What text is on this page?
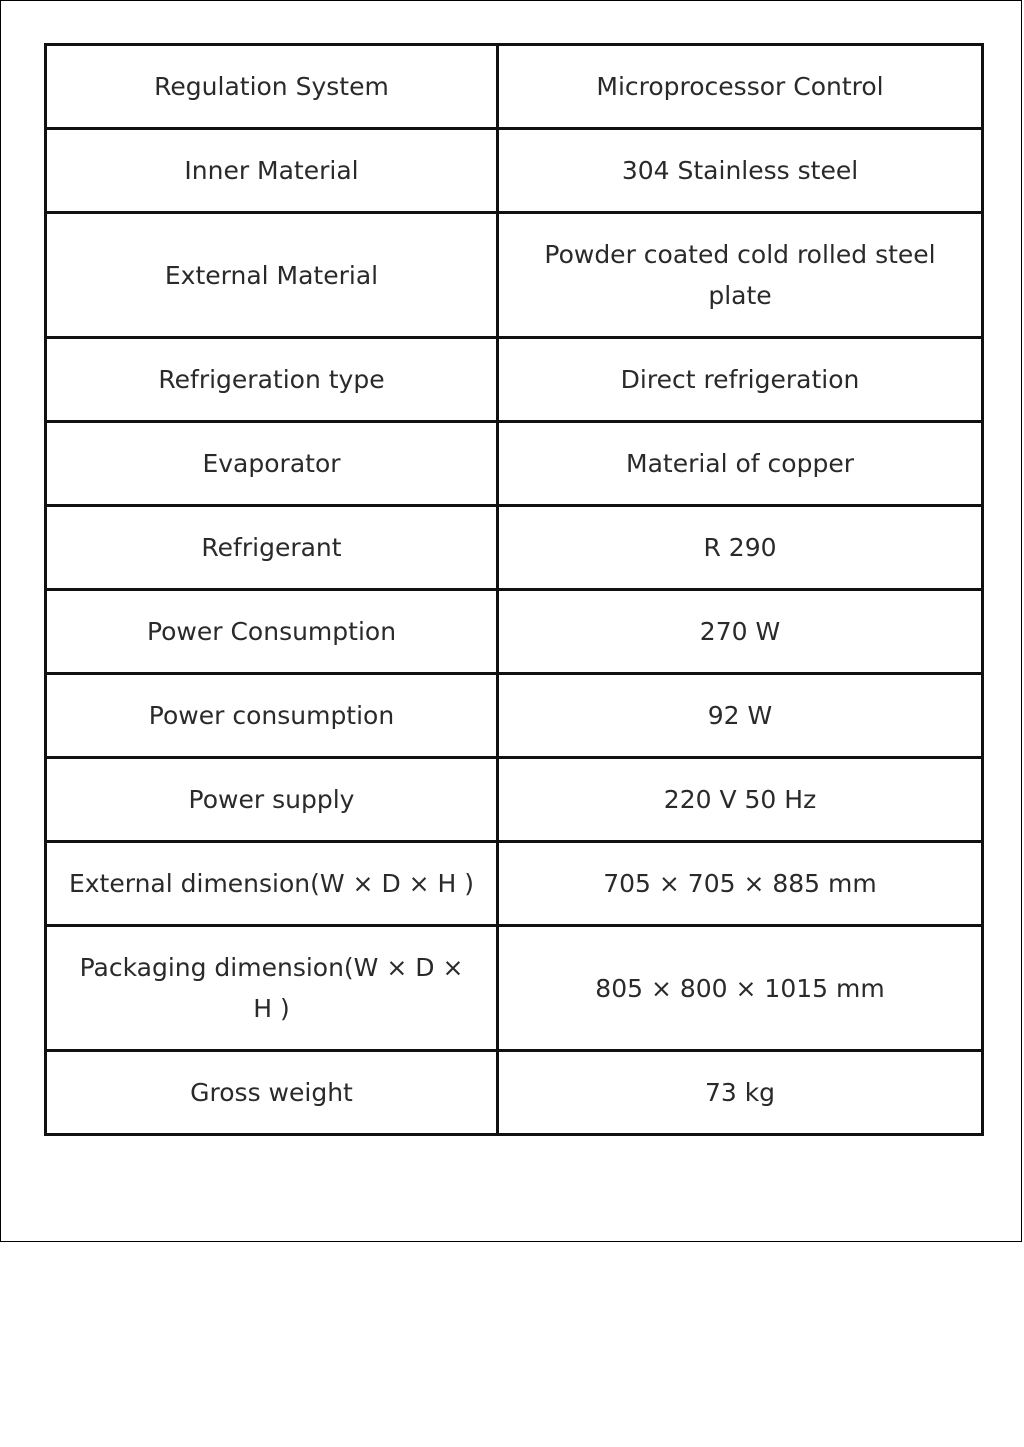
Regulation System	Microprocessor Control
Inner Material	304 Stainless steel
External Material	Powder coated cold rolled steel plate
Refrigeration type	Direct refrigeration
Evaporator	Material of copper
Refrigerant	R 290
Power Consumption	270 W
Power consumption	92 W
Power supply	220 V 50 Hz
External dimension(W × D × H )	705 × 705 × 885 mm
Packaging dimension(W × D × H )	805 × 800 × 1015 mm
Gross weight	73 kg
